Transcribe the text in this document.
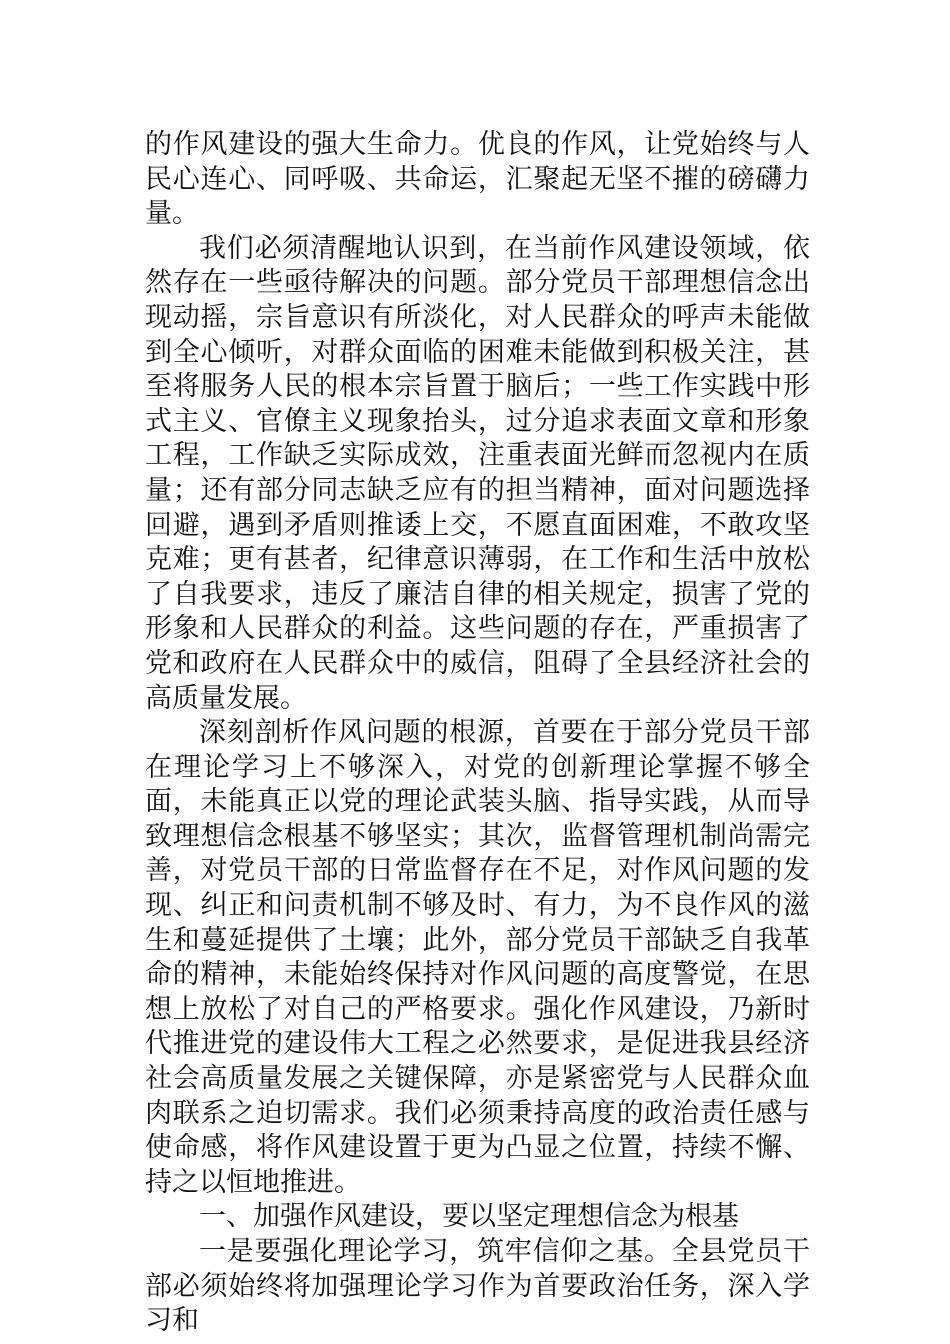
的作风建设的强大生命力。优良的作风，让党始终与人民心连心、同呼吸、共命运，汇聚起无坚不摧的磅礴力量。

我们必须清醒地认识到，在当前作风建设领域，依然存在一些亟待解决的问题。部分党员干部理想信念出现动摇，宗旨意识有所淡化，对人民群众的呼声未能做到全心倾听，对群众面临的困难未能做到积极关注，甚至将服务人民的根本宗旨置于脑后；一些工作实践中形式主义、官僚主义现象抬头，过分追求表面文章和形象工程，工作缺乏实际成效，注重表面光鲜而忽视内在质量；还有部分同志缺乏应有的担当精神，面对问题选择回避，遇到矛盾则推诿上交，不愿直面困难，不敢攻坚克难；更有甚者，纪律意识薄弱，在工作和生活中放松了自我要求，违反了廉洁自律的相关规定，损害了党的形象和人民群众的利益。这些问题的存在，严重损害了党和政府在人民群众中的威信，阻碍了全县经济社会的高质量发展。

深刻剖析作风问题的根源，首要在于部分党员干部在理论学习上不够深入，对党的创新理论掌握不够全面，未能真正以党的理论武装头脑、指导实践，从而导致理想信念根基不够坚实；其次，监督管理机制尚需完善，对党员干部的日常监督存在不足，对作风问题的发现、纠正和问责机制不够及时、有力，为不良作风的滋生和蔓延提供了土壤；此外，部分党员干部缺乏自我革命的精神，未能始终保持对作风问题的高度警觉，在思想上放松了对自己的严格要求。强化作风建设，乃新时代推进党的建设伟大工程之必然要求，是促进我县经济社会高质量发展之关键保障，亦是紧密党与人民群众血肉联系之迫切需求。我们必须秉持高度的政治责任感与使命感，将作风建设置于更为凸显之位置，持续不懈、持之以恒地推进。

一、加强作风建设，要以坚定理想信念为根基

一是要强化理论学习，筑牢信仰之基。全县党员干部必须始终将加强理论学习作为首要政治任务，深入学习和
